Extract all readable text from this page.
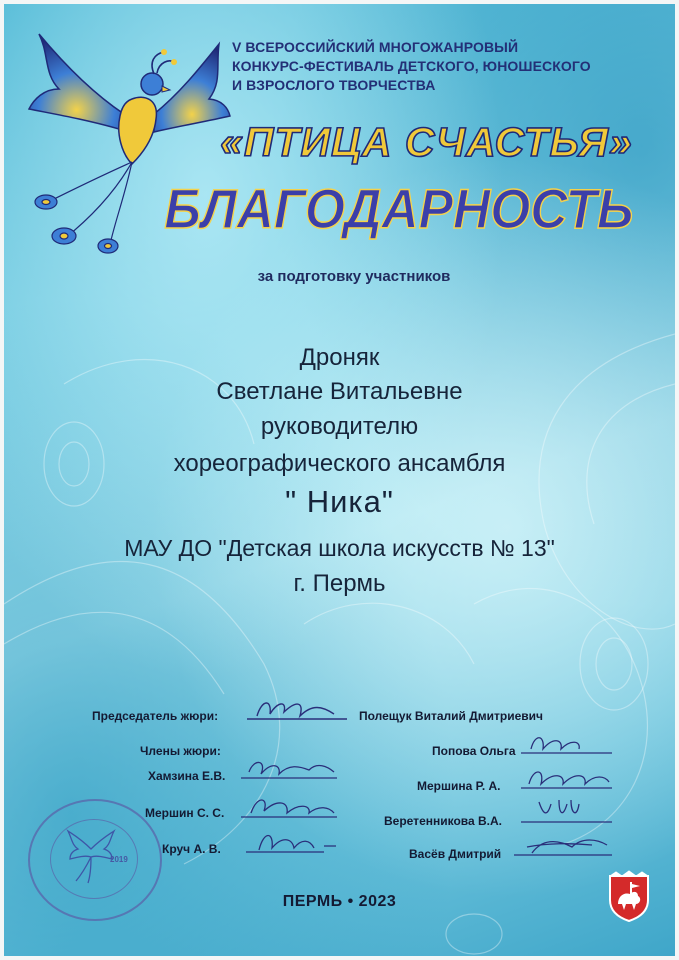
V ВСЕРОССИЙСКИЙ МНОГОЖАНРОВЫЙ
КОНКУРС-ФЕСТИВАЛЬ ДЕТСКОГО, ЮНОШЕСКОГО
И ВЗРОСЛОГО ТВОРЧЕСТВА
«ПТИЦА СЧАСТЬЯ»
БЛАГОДАРНОСТЬ
за подготовку участников
Дроняк
Светлане Витальевне
руководителю
хореографического ансамбля
" Ника"
МАУ ДО "Детская школа искусств № 13"
г. Пермь
Председатель жюри:	Полещук Виталий Дмитриевич
Члены жюри:
Хамзина Е.В.
Мершин С. С.
Круч А. В.
Попова Ольга
Мершина Р. А.
Веретенникова В.А.
Васёв Дмитрий
2019
ПЕРМЬ • 2023
